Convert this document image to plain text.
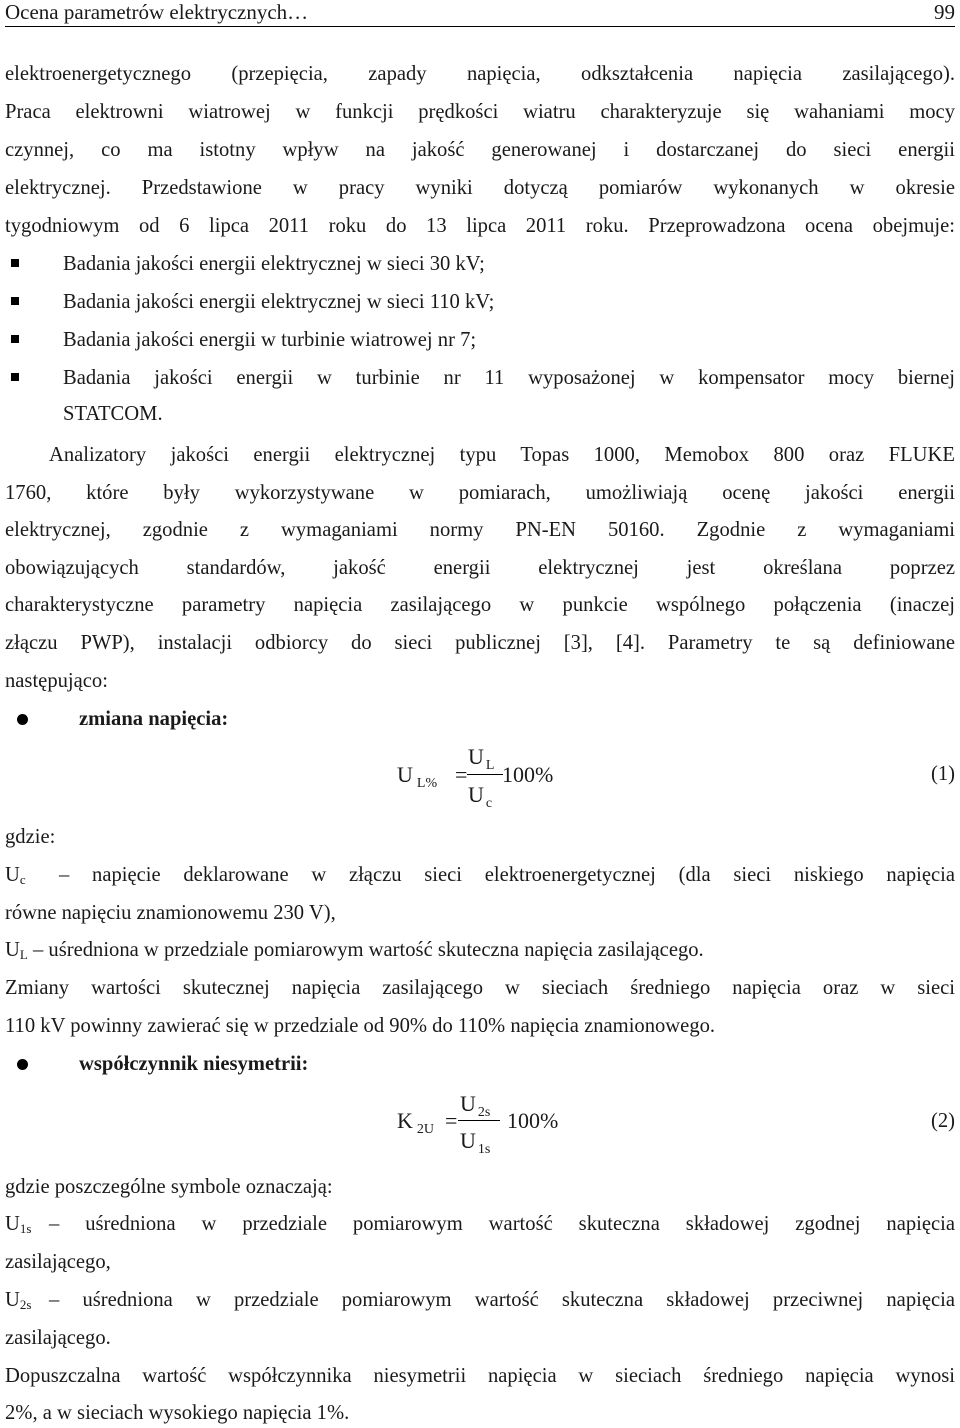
Ocena parametrów elektrycznych…	99
elektroenergetycznego (przepięcia, zapady napięcia, odkształcenia napięcia zasilającego).
Praca elektrowni wiatrowej w funkcji prędkości wiatru charakteryzuje się wahaniami mocy
czynnej, co ma istotny wpływ na jakość generowanej i dostarczanej do sieci energii
elektrycznej. Przedstawione w pracy wyniki dotyczą pomiarów wykonanych w okresie
tygodniowym od 6 lipca 2011 roku do 13 lipca 2011 roku. Przeprowadzona ocena obejmuje:
Badania jakości energii elektrycznej w sieci 30 kV;
Badania jakości energii elektrycznej w sieci 110 kV;
Badania jakości energii w turbinie wiatrowej nr 7;
Badania jakości energii w turbinie nr 11 wyposażonej w kompensator mocy biernej
STATCOM.
Analizatory jakości energii elektrycznej typu Topas 1000, Memobox 800 oraz FLUKE
1760, które były wykorzystywane w pomiarach, umożliwiają ocenę jakości energii
elektrycznej, zgodnie z wymaganiami normy PN-EN 50160. Zgodnie z wymaganiami
obowiązujących standardów, jakość energii elektrycznej jest określana poprzez
charakterystyczne parametry napięcia zasilającego w punkcie wspólnego połączenia (inaczej
złączu PWP), instalacji odbiorcy do sieci publicznej [3], [4]. Parametry te są definiowane
następująco:
zmiana napięcia:
U $_{L\%}$ =
U $_L$
U $_c$
100%	(1)
gdzie:
$U_c$	– napięcie deklarowane w złączu sieci elektroenergetycznej (dla sieci niskiego napięcia
równe napięciu znamionowemu 230 V),
$U_L$ – uśredniona w przedziale pomiarowym wartość skuteczna napięcia zasilającego.
Zmiany wartości skutecznej napięcia zasilającego w sieciach średniego napięcia oraz w sieci
110 kV powinny zawierać się w przedziale od 90% do 110% napięcia znamionowego.
współczynnik niesymetrii:
K $_{2U}$ =
U $_{2s}$
U $_{1s}$
100%	(2)
gdzie poszczególne symbole oznaczają:
$U_{1s}$ – uśredniona w przedziale pomiarowym wartość skuteczna składowej zgodnej napięcia
zasilającego,
$U_{2s}$ – uśredniona w przedziale pomiarowym wartość skuteczna składowej przeciwnej napięcia
zasilającego.
Dopuszczalna wartość współczynnika niesymetrii napięcia w sieciach średniego napięcia wynosi
2%, a w sieciach wysokiego napięcia 1%.
